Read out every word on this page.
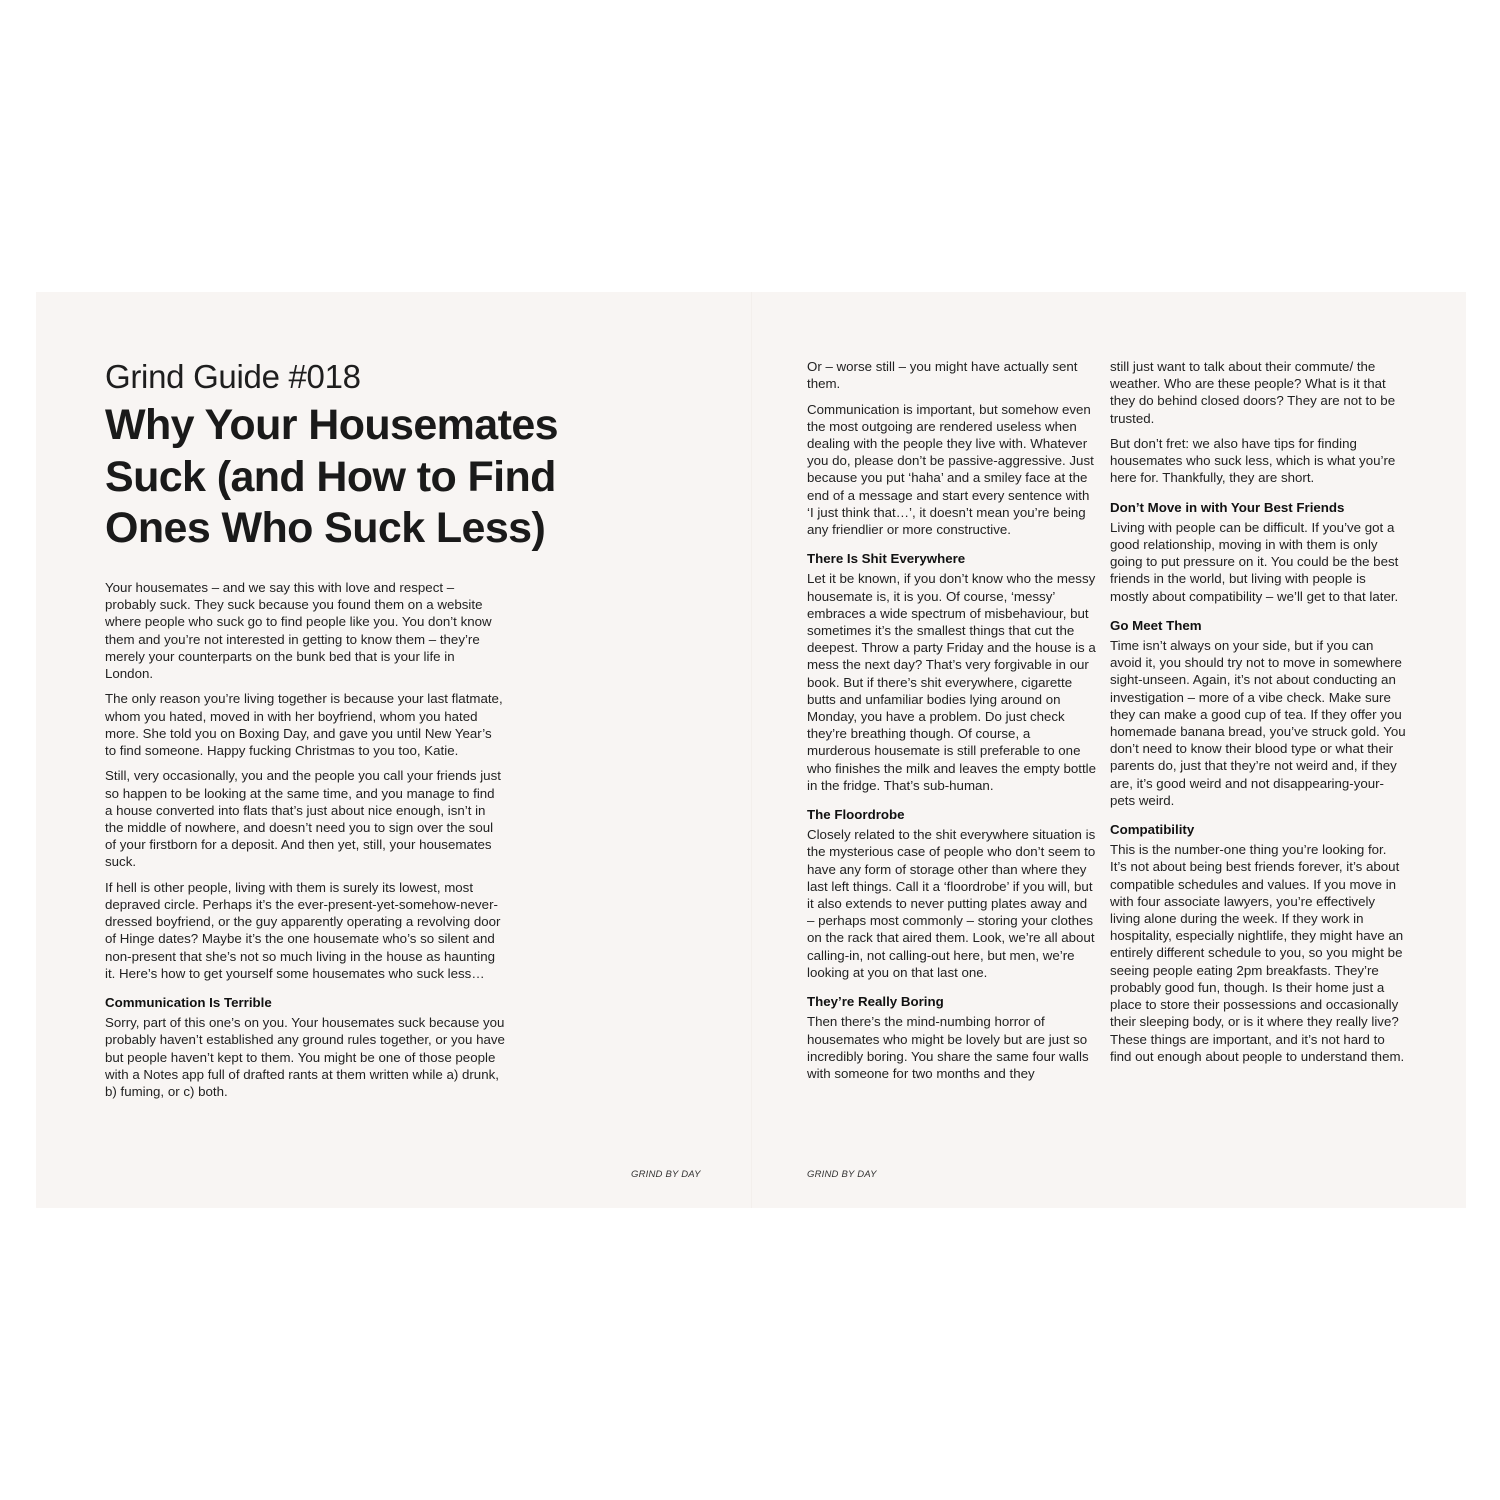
Grind Guide #018
Why Your Housemates Suck (and How to Find Ones Who Suck Less)

Your housemates – and we say this with love and respect – probably suck. They suck because you found them on a website where people who suck go to find people like you. You don’t know them and you’re not interested in getting to know them – they’re merely your counterparts on the bunk bed that is your life in London.

The only reason you’re living together is because your last flatmate, whom you hated, moved in with her boyfriend, whom you hated more. She told you on Boxing Day, and gave you until New Year’s to find someone. Happy fucking Christmas to you too, Katie.

Still, very occasionally, you and the people you call your friends just so happen to be looking at the same time, and you manage to find a house converted into flats that’s just about nice enough, isn’t in the middle of nowhere, and doesn’t need you to sign over the soul of your firstborn for a deposit. And then yet, still, your housemates suck.

If hell is other people, living with them is surely its lowest, most depraved circle. Perhaps it’s the ever-present-yet-somehow-never-dressed boyfriend, or the guy apparently operating a revolving door of Hinge dates? Maybe it’s the one housemate who’s so silent and non-present that she’s not so much living in the house as haunting it. Here’s how to get yourself some housemates who suck less…

Communication Is Terrible

Sorry, part of this one’s on you. Your housemates suck because you probably haven’t established any ground rules together, or you have but people haven’t kept to them. You might be one of those people with a Notes app full of drafted rants at them written while a) drunk, b) fuming, or c) both.

Or – worse still – you might have actually sent them.

Communication is important, but somehow even the most outgoing are rendered useless when dealing with the people they live with. Whatever you do, please don’t be passive-aggressive. Just because you put ‘haha’ and a smiley face at the end of a message and start every sentence with ‘I just think that…’, it doesn’t mean you’re being any friendlier or more constructive.

There Is Shit Everywhere

Let it be known, if you don’t know who the messy housemate is, it is you. Of course, ‘messy’ embraces a wide spectrum of misbehaviour, but sometimes it’s the smallest things that cut the deepest. Throw a party Friday and the house is a mess the next day? That’s very forgivable in our book. But if there’s shit everywhere, cigarette butts and unfamiliar bodies lying around on Monday, you have a problem. Do just check they’re breathing though. Of course, a murderous housemate is still preferable to one who finishes the milk and leaves the empty bottle in the fridge. That’s sub-human.

The Floordrobe

Closely related to the shit everywhere situation is the mysterious case of people who don’t seem to have any form of storage other than where they last left things. Call it a ‘floordrobe’ if you will, but it also extends to never putting plates away and – perhaps most commonly – storing your clothes on the rack that aired them. Look, we’re all about calling-in, not calling-out here, but men, we’re looking at you on that last one.

They’re Really Boring

Then there’s the mind-numbing horror of housemates who might be lovely but are just so incredibly boring. You share the same four walls with someone for two months and they

still just want to talk about their commute/ the weather. Who are these people? What is it that they do behind closed doors? They are not to be trusted.

But don’t fret: we also have tips for finding housemates who suck less, which is what you’re here for. Thankfully, they are short.

Don’t Move in with Your Best Friends

Living with people can be difficult. If you’ve got a good relationship, moving in with them is only going to put pressure on it. You could be the best friends in the world, but living with people is mostly about compatibility – we’ll get to that later.

Go Meet Them

Time isn’t always on your side, but if you can avoid it, you should try not to move in somewhere sight-unseen. Again, it’s not about conducting an investigation – more of a vibe check. Make sure they can make a good cup of tea. If they offer you homemade banana bread, you’ve struck gold. You don’t need to know their blood type or what their parents do, just that they’re not weird and, if they are, it’s good weird and not disappearing-your-pets weird.

Compatibility

This is the number-one thing you’re looking for. It’s not about being best friends forever, it’s about compatible schedules and values. If you move in with four associate lawyers, you’re effectively living alone during the week. If they work in hospitality, especially nightlife, they might have an entirely different schedule to you, so you might be seeing people eating 2pm breakfasts. They’re probably good fun, though. Is their home just a place to store their possessions and occasionally their sleeping body, or is it where they really live? These things are important, and it’s not hard to find out enough about people to understand them.

GRIND BY DAY	GRIND BY DAY
